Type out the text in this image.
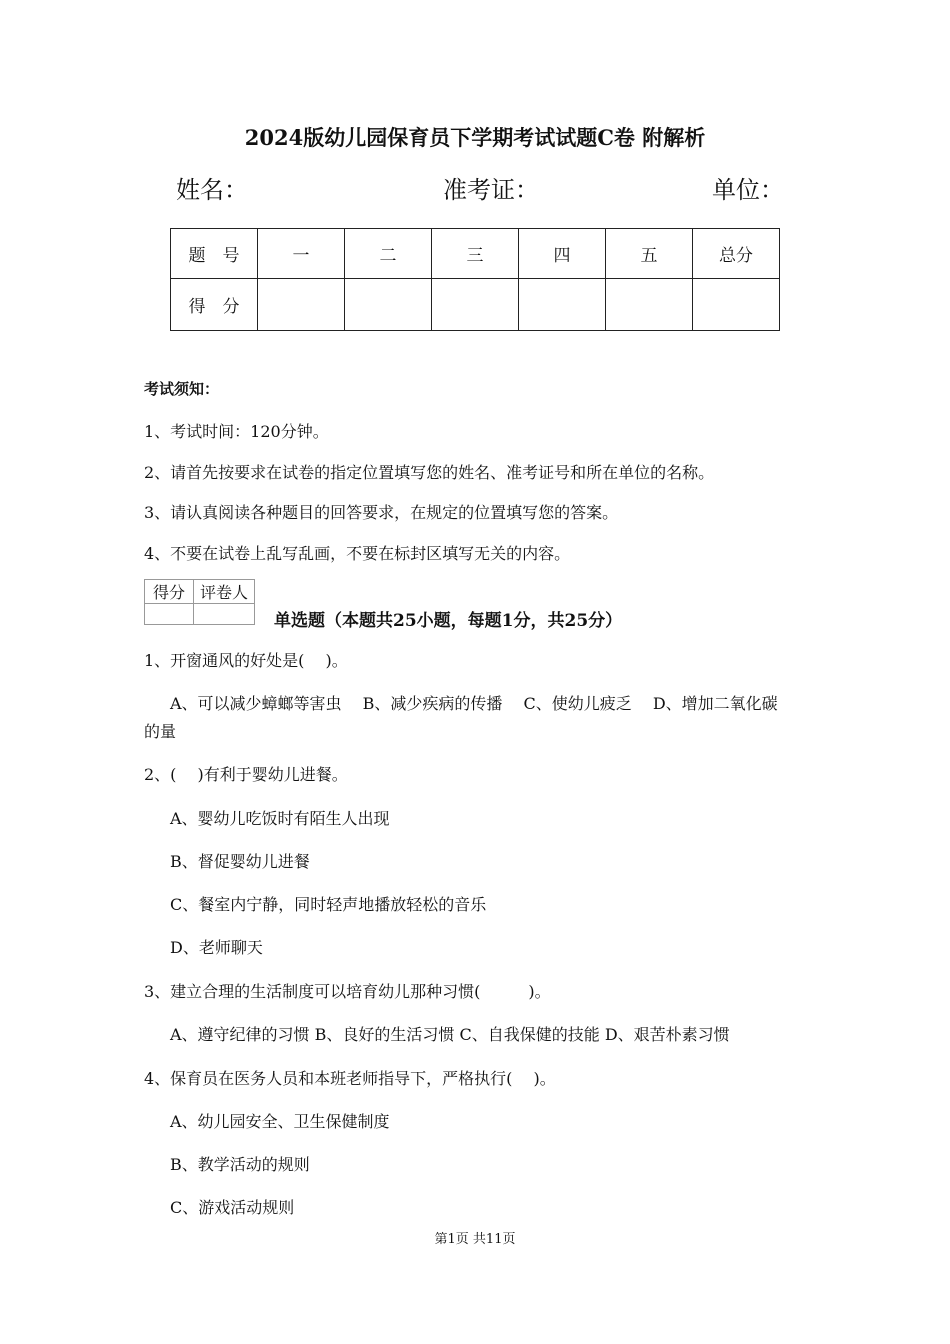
2024版幼儿园保育员下学期考试试题C卷 附解析
姓名：	准考证：	单位：
题　号	一	二	三	四	五	总分
得　分						
考试须知：
1、考试时间：120分钟。
2、请首先按要求在试卷的指定位置填写您的姓名、准考证号和所在单位的名称。
3、请认真阅读各种题目的回答要求，在规定的位置填写您的答案。
4、不要在试卷上乱写乱画，不要在标封区填写无关的内容。
得分	评卷人

单选题（本题共25小题，每题1分，共25分）
1、开窗通风的好处是(　 )。
A、可以减少蟑螂等害虫　 B、减少疾病的传播　 C、使幼儿疲乏　 D、增加二氧化碳
的量
2、(　 )有利于婴幼儿进餐。
A、婴幼儿吃饭时有陌生人出现
B、督促婴幼儿进餐
C、餐室内宁静，同时轻声地播放轻松的音乐
D、老师聊天
3、建立合理的生活制度可以培育幼儿那种习惯(　　　)。
A、遵守纪律的习惯 B、良好的生活习惯 C、自我保健的技能 D、艰苦朴素习惯
4、保育员在医务人员和本班老师指导下，严格执行(　 )。
A、幼儿园安全、卫生保健制度
B、教学活动的规则
C、游戏活动规则
第1页 共11页
